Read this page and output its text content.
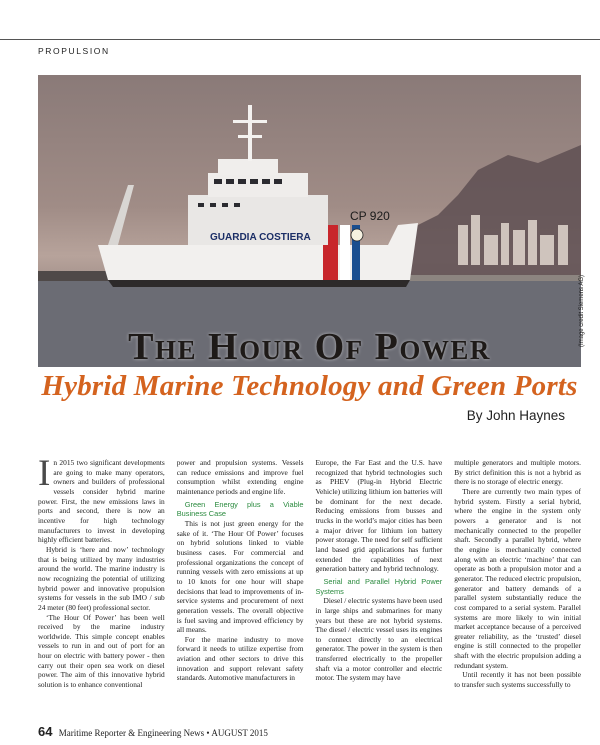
PROPULSION
GUARDIA COSTIERA
CP 920
(Image credit Siemens AG)
The Hour Of Power
Hybrid Marine Technology and Green Ports
By John Haynes

In 2015 two significant developments are going to make many operators, owners and builders of professional vessels consider hybrid marine power. First, the new emissions laws in ports and second, there is now an incentive for high technology manufacturers to invest in developing highly efficient batteries.

Hybrid is ‘here and now’ technology that is being utilized by many industries around the world. The marine industry is now recognizing the potential of utilizing hybrid power and innovative propulsion systems for vessels in the sub IMO / sub 24 meter (80 feet) professional sector.

‘The Hour Of Power’ has been well received by the marine industry worldwide. This simple concept enables vessels to run in and out of port for an hour on electric with battery power - then carry out their open sea work on diesel power. The aim of this innovative hybrid solution is to enhance conventional

power and propulsion systems. Vessels can reduce emissions and improve fuel consumption whilst extending engine maintenance periods and engine life.

Green Energy plus a Viable Business Case

This is not just green energy for the sake of it. ‘The Hour Of Power’ focuses on hybrid solutions linked to viable business cases. For commercial and professional organizations the concept of running vessels with zero emissions at up to 10 knots for one hour will shape decisions that lead to improvements of in-service systems and procurement of next generation vessels. The overall objective is fuel saving and improved efficiency by all means.

For the marine industry to move forward it needs to utilize expertise from aviation and other sectors to drive this innovation and support relevant safety standards. Automotive manufacturers in

Europe, the Far East and the U.S. have recognized that hybrid technologies such as PHEV (Plug-in Hybrid Electric Vehicle) utilizing lithium ion batteries will be dominant for the next decade. Reducing emissions from busses and trucks in the world’s major cities has been a major driver for lithium ion battery power storage. The need for self sufficient land based grid applications has further extended the capabilities of next generation battery and hybrid technology.

Serial and Parallel Hybrid Power Systems

Diesel / electric systems have been used in large ships and submarines for many years but these are not hybrid systems. The diesel / electric vessel uses its engines to connect directly to an electrical generator. The power in the system is then transferred electrically to the propeller shaft via a motor controller and electric motor. The system may have

multiple generators and multiple motors. By strict definition this is not a hybrid as there is no storage of electric energy.

There are currently two main types of hybrid system. Firstly a serial hybrid, where the engine in the system only powers a generator and is not mechanically connected to the propeller shaft. Secondly a parallel hybrid, where the engine is mechanically connected along with an electric ‘machine’ that can operate as both a propulsion motor and a generator. The reduced electric propulsion, generator and battery demands of a parallel system substantially reduce the cost compared to a serial system. Parallel systems are more likely to win initial market acceptance because of a perceived greater reliability, as the ‘trusted’ diesel engine is still connected to the propeller shaft with the electric propulsion adding a redundant system.

Until recently it has not been possible to transfer such systems successfully to

64 Maritime Reporter & Engineering News • AUGUST 2015
